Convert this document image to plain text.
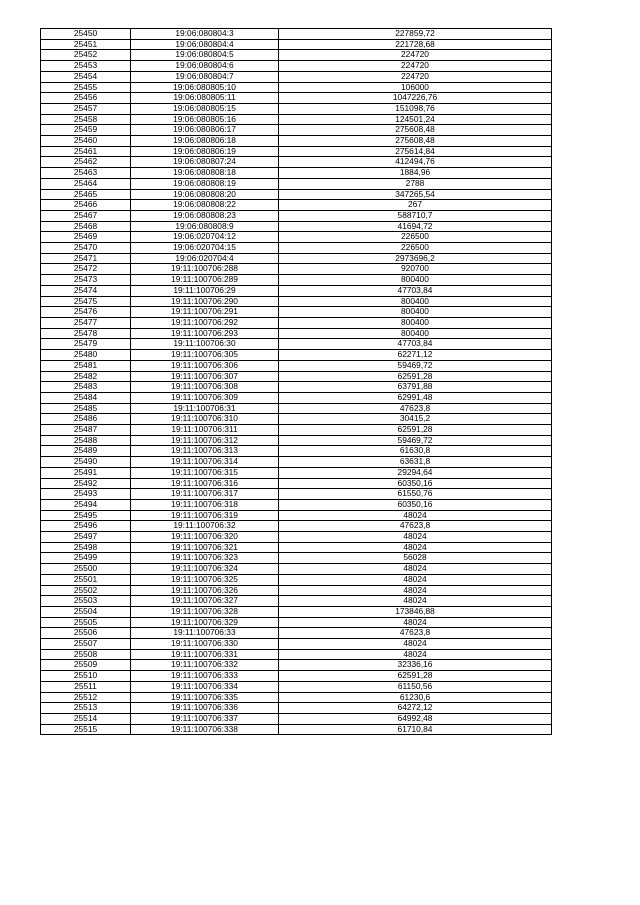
25450	19:06:080804:3	227859,72
25451	19:06:080804:4	221728,68
25452	19:06:080804:5	224720
25453	19:06:080804:6	224720
25454	19:06:080804:7	224720
25455	19:06:080805:10	106000
25456	19:06:080805:11	1047226,76
25457	19:06:080805:15	151098,76
25458	19:06:080805:16	124501,24
25459	19:06:080806:17	275608,48
25460	19:06:080806:18	275608,48
25461	19:06:080806:19	275614,84
25462	19:06:080807:24	412494,76
25463	19:06:080808:18	1884,96
25464	19:06:080808:19	2788
25465	19:06:080808:20	347265,54
25466	19:06:080808:22	267
25467	19:06:080808:23	588710,7
25468	19:06:080808:9	41694,72
25469	19:06:020704:12	226500
25470	19:06:020704:15	226500
25471	19:06:020704:4	2973696,2
25472	19:11:100706:288	920700
25473	19:11:100706:289	800400
25474	19:11:100706:29	47703,84
25475	19:11:100706:290	800400
25476	19:11:100706:291	800400
25477	19:11:100706:292	800400
25478	19:11:100706:293	800400
25479	19:11:100706:30	47703,84
25480	19:11:100706:305	62271,12
25481	19:11:100706:306	59469,72
25482	19:11:100706:307	62591,28
25483	19:11:100706:308	63791,88
25484	19:11:100706:309	62991,48
25485	19:11:100706:31	47623,8
25486	19:11:100706:310	30415,2
25487	19:11:100706:311	62591,28
25488	19:11:100706:312	59469,72
25489	19:11:100706:313	61630,8
25490	19:11:100706:314	63631,8
25491	19:11:100706:315	29294,64
25492	19:11:100706:316	60350,16
25493	19:11:100706:317	61550,76
25494	19:11:100706:318	60350,16
25495	19:11:100706:319	48024
25496	19:11:100706:32	47623,8
25497	19:11:100706:320	48024
25498	19:11:100706:321	48024
25499	19:11:100706:323	56028
25500	19:11:100706:324	48024
25501	19:11:100706:325	48024
25502	19:11:100706:326	48024
25503	19:11:100706:327	48024
25504	19:11:100706:328	173846,88
25505	19:11:100706:329	48024
25506	19:11:100706:33	47623,8
25507	19:11:100706:330	48024
25508	19:11:100706:331	48024
25509	19:11:100706:332	32336,16
25510	19:11:100706:333	62591,28
25511	19:11:100706:334	61150,56
25512	19:11:100706:335	61230,6
25513	19:11:100706:336	64272,12
25514	19:11:100706:337	64992,48
25515	19:11:100706:338	61710,84
